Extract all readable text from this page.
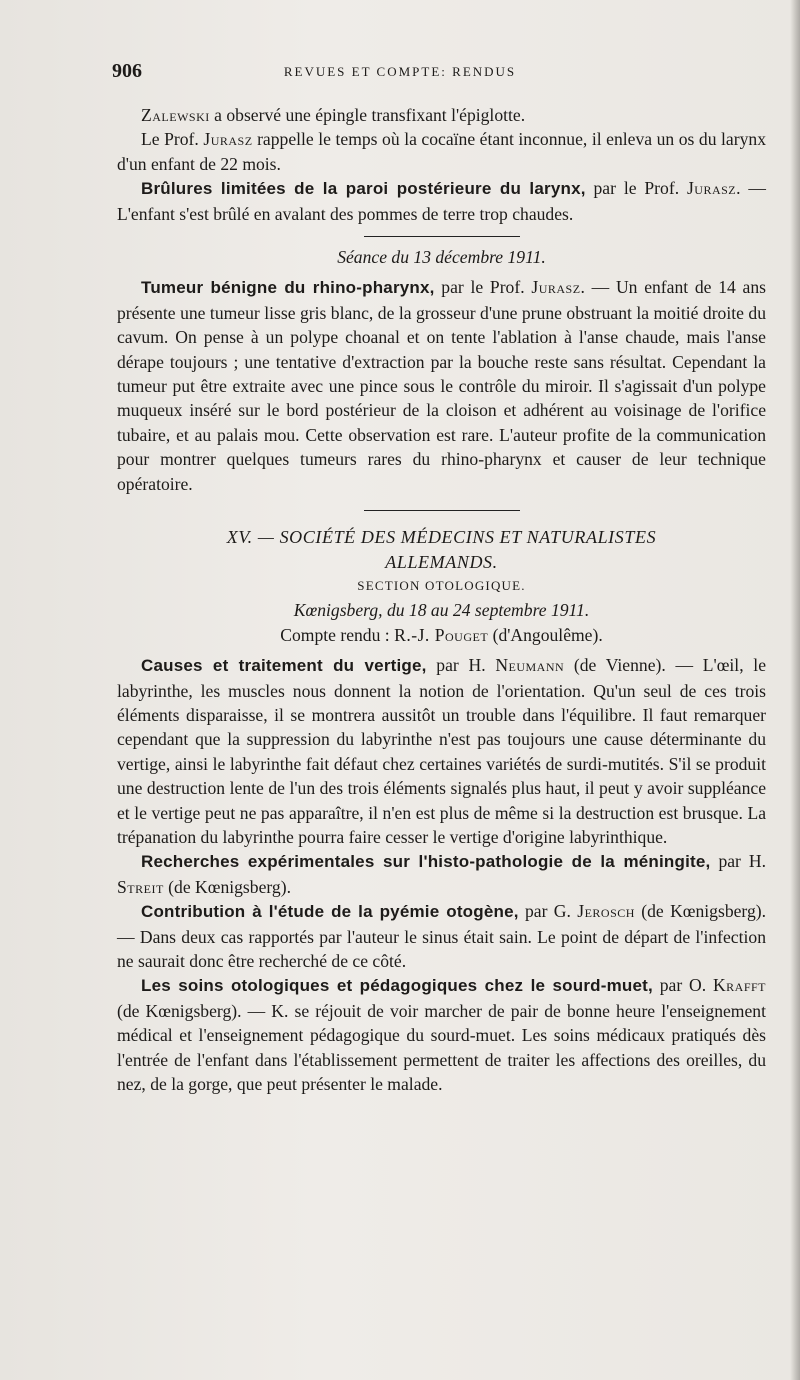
906	REVUES ET COMPTE: RENDUS

Zalewski a observé une épingle transfixant l'épiglotte.

Le Prof. Jurasz rappelle le temps où la cocaïne étant inconnue, il enleva un os du larynx d'un enfant de 22 mois.

Brûlures limitées de la paroi postérieure du larynx, par le Prof. Jurasz. — L'enfant s'est brûlé en avalant des pommes de terre trop chaudes.

Séance du 13 décembre 1911.

Tumeur bénigne du rhino-pharynx, par le Prof. Jurasz. — Un enfant de 14 ans présente une tumeur lisse gris blanc, de la grosseur d'une prune obstruant la moitié droite du cavum. On pense à un polype choanal et on tente l'ablation à l'anse chaude, mais l'anse dérape toujours ; une tentative d'extraction par la bouche reste sans résultat. Cependant la tumeur put être extraite avec une pince sous le contrôle du miroir. Il s'agissait d'un polype muqueux inséré sur le bord postérieur de la cloison et adhérent au voisinage de l'orifice tubaire, et au palais mou. Cette observation est rare. L'auteur profite de la communication pour montrer quelques tumeurs rares du rhino-pharynx et causer de leur technique opératoire.

XV. — SOCIÉTÉ DES MÉDECINS ET NATURALISTES
ALLEMANDS.
SECTION OTOLOGIQUE.
Kœnigsberg, du 18 au 24 septembre 1911.
Compte rendu : R.-J. Pouget (d'Angoulême).

Causes et traitement du vertige, par H. Neumann (de Vienne). — L'œil, le labyrinthe, les muscles nous donnent la notion de l'orientation. Qu'un seul de ces trois éléments disparaisse, il se montrera aussitôt un trouble dans l'équilibre. Il faut remarquer cependant que la suppression du labyrinthe n'est pas toujours une cause déterminante du vertige, ainsi le labyrinthe fait défaut chez certaines variétés de surdi-mutités. S'il se produit une destruction lente de l'un des trois éléments signalés plus haut, il peut y avoir suppléance et le vertige peut ne pas apparaître, il n'en est plus de même si la destruction est brusque. La trépanation du labyrinthe pourra faire cesser le vertige d'origine labyrinthique.

Recherches expérimentales sur l'histo-pathologie de la méningite, par H. Streit (de Kœnigsberg).

Contribution à l'étude de la pyémie otogène, par G. Jerosch (de Kœnigsberg). — Dans deux cas rapportés par l'auteur le sinus était sain. Le point de départ de l'infection ne saurait donc être recherché de ce côté.

Les soins otologiques et pédagogiques chez le sourd-muet, par O. Krafft (de Kœnigsberg). — K. se réjouit de voir marcher de pair de bonne heure l'enseignement médical et l'enseignement pédagogique du sourd-muet. Les soins médicaux pratiqués dès l'entrée de l'enfant dans l'établissement permettent de traiter les affections des oreilles, du nez, de la gorge, que peut présenter le malade.
